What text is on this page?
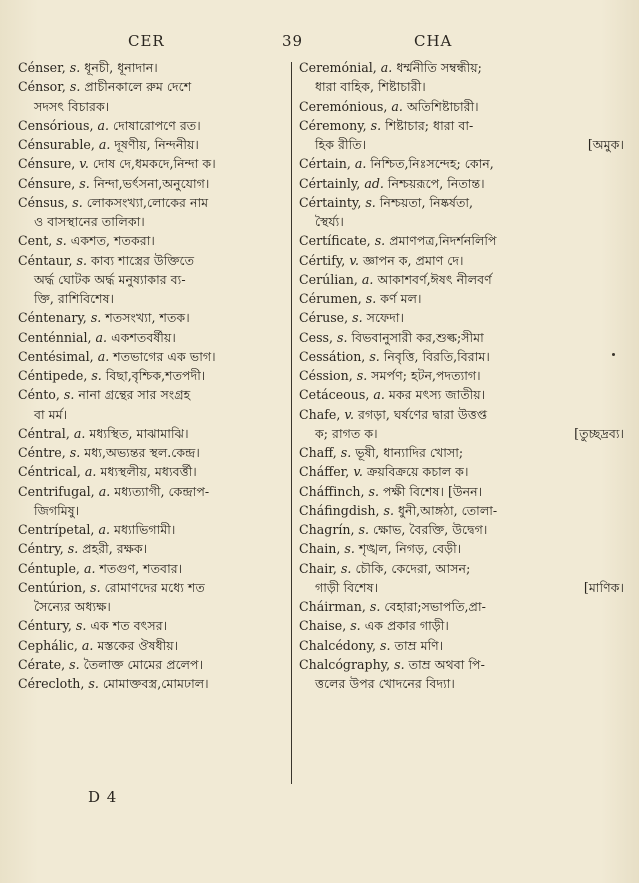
CER	39	CHA
Cénser, s. ধূনচী, ধূনাদান।
Cénsor, s. প্রাচীনকালে রুম দেশে
সদসৎ বিচারক।
Censórious, a. দোষারোপণে রত।
Cénsurable, a. দূষণীয়, নিন্দনীয়।
Cénsure, v. দোষ দে,ধমকদে,নিন্দা ক।
Cénsure, s. নিন্দা,ভর্ৎসনা,অনুযোগ।
Cénsus, s. লোকসংখ্যা,লোকের নাম
ও বাসস্থানের তালিকা।
Cent, s. একশত, শতকরা।
Céntaur, s. কাব্য শাস্ত্রের উক্তিতে
অর্দ্ধ ঘোটক অর্দ্ধ মনুষ্যাকার ব্য-
ক্তি, রাশিবিশেষ।
Céntenary, s. শতসংখ্যা, শতক।
Centénnial, a. একশতবর্ষীয়।
Centésimal, a. শতভাগের এক ভাগ।
Céntipede, s. বিছা,বৃশ্চিক,শতপদী।
Cénto, s. নানা গ্রন্থের সার সংগ্রহ
বা মর্ম।
Céntral, a. মধ্যস্থিত, মাঝামাঝি।
Céntre, s. মধ্য,অভ্যন্তর স্থল.কেন্দ্র।
Céntrical, a. মধ্যস্থলীয়, মধ্যবর্ত্তী।
Centrifugal, a. মধ্যত্যাগী, কেন্দ্রাপ-
জিগমিষু।
Centrípetal, a. মধ্যাভিগামী।
Céntry, s. প্রহরী, রক্ষক।
Céntuple, a. শতগুণ, শতবার।
Centúrion, s. রোমাণদের মধ্যে শত
সৈন্যের অধ্যক্ষ।
Céntury, s. এক শত বৎসর।
Cephálic, a. মস্তকের ঔষধীয়।
Cérate, s. তৈলাক্ত মোমের প্রলেপ।
Cérecloth, s. মোমাক্তবস্ত্র,মোমঢাল।
Ceremónial, a. ধর্ম্মনীতি সম্বন্ধীয়;
ধারা বাহিক, শিষ্টাচারী।
Ceremónious, a. অতিশিষ্টাচারী।
Céremony, s. শিষ্টাচার; ধারা বা-
হিক রীতি।	[অমুক।
Cértain, a. নিশ্চিত,নিঃসন্দেহ; কোন,
Cértainly, ad. নিশ্চয়রূপে, নিতান্ত।
Cértainty, s. নিশ্চয়তা, নিষ্কর্ষতা,
স্থৈর্য্য।
Certíficate, s. প্রমাণপত্র,নিদর্শনলিপি
Cértify, v. জ্ঞাপন ক, প্রমাণ দে।
Cerúlian, a. আকাশবর্ণ,ঈষৎ নীলবর্ণ
Cérumen, s. কর্ণ মল।
Céruse, s. সফেদা।
Cess, s. বিভবানুসারী কর,শুল্ক;সীমা
Cessátion, s. নিবৃত্তি, বিরতি,বিরাম।
Céssion, s. সমর্পণ; হটন,পদত্যাগ।
Cetáceous, a. মকর মৎস্য জাতীয়।
Chafe, v. রগড়া, ঘর্ষণের দ্বারা উত্তপ্ত
ক; রাগত ক।	[তুচ্ছদ্রব্য।
Chaff, s. ভূষী, ধান্যাদির খোসা;
Cháffer, v. ক্রয়বিক্রয়ে কচাল ক।
Cháffinch, s. পক্ষী বিশেষ। [উনন।
Cháfingdish, s. ধুনী,আঙ্গঠা, তোলা-
Chagrín, s. ক্ষোভ, বৈরক্তি, উদ্বেগ।
Chain, s. শৃঙ্খল, নিগড়, বেড়ী।
Chair, s. চৌকি, কেদেরা, আসন;
গাড়ী বিশেষ।	[মাণিক।
Cháirman, s. বেহারা;সভাপতি,প্রা-
Chaise, s. এক প্রকার গাড়ী।
Chalcédony, s. তাম্র মণি।
Chalcógraphy, s. তাম্র অথবা পি-
ত্তলের উপর খোদনের বিদ্যা।
D 4
